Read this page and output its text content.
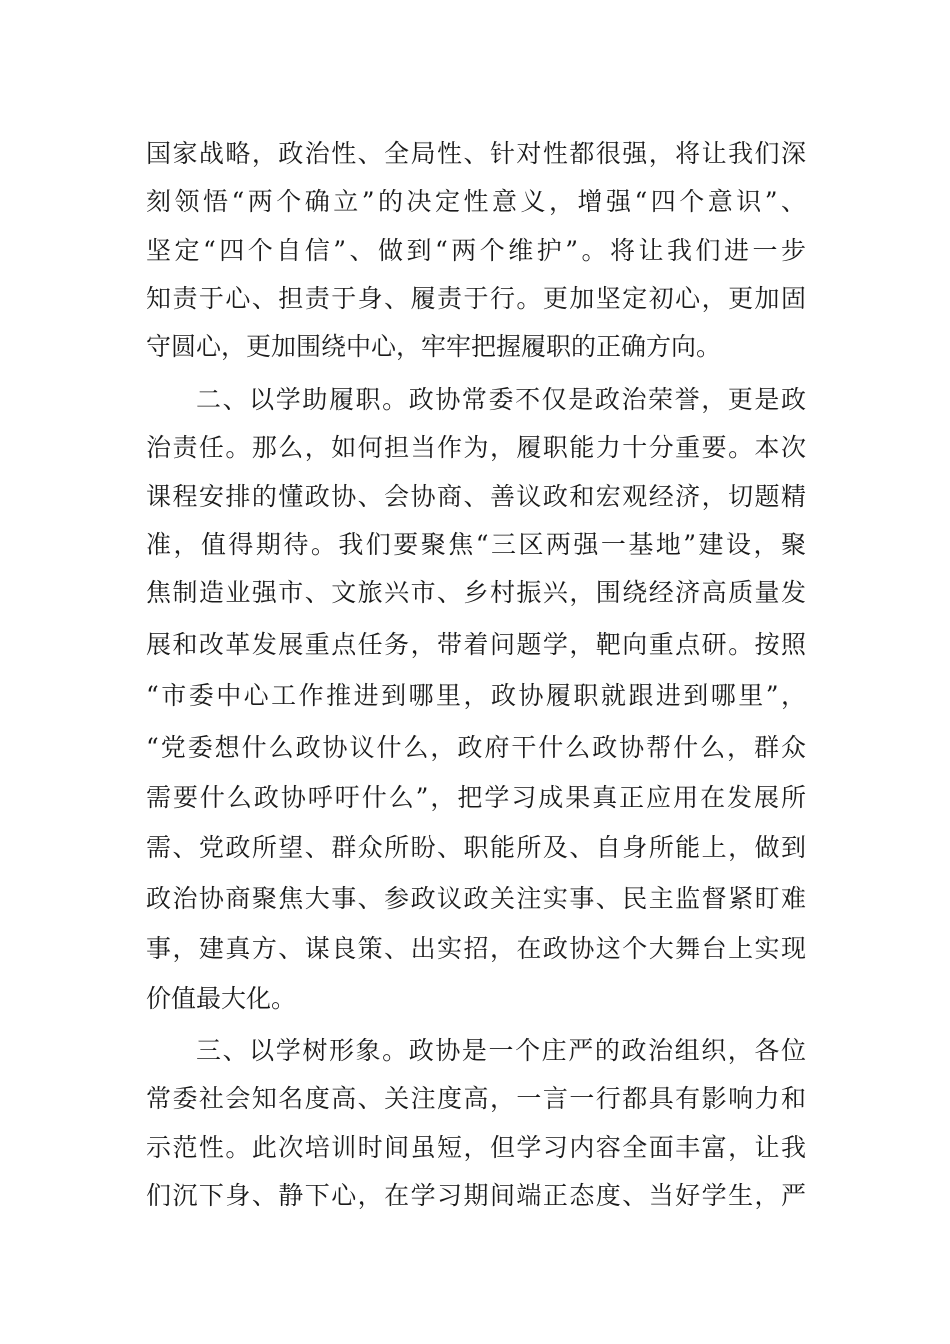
国家战略，政治性、全局性、针对性都很强，将让我们深
刻领悟“两个确立”的决定性意义，增强“四个意识”、
坚定“四个自信”、做到“两个维护”。将让我们进一步
知责于心、担责于身、履责于行。更加坚定初心，更加固
守圆心，更加围绕中心，牢牢把握履职的正确方向。
二、以学助履职。政协常委不仅是政治荣誉，更是政
治责任。那么，如何担当作为，履职能力十分重要。本次
课程安排的懂政协、会协商、善议政和宏观经济，切题精
准，值得期待。我们要聚焦“三区两强一基地”建设，聚
焦制造业强市、文旅兴市、乡村振兴，围绕经济高质量发
展和改革发展重点任务，带着问题学，靶向重点研。按照
“市委中心工作推进到哪里，政协履职就跟进到哪里”，
“党委想什么政协议什么，政府干什么政协帮什么，群众
需要什么政协呼吁什么”，把学习成果真正应用在发展所
需、党政所望、群众所盼、职能所及、自身所能上，做到
政治协商聚焦大事、参政议政关注实事、民主监督紧盯难
事，建真方、谋良策、出实招，在政协这个大舞台上实现
价值最大化。
三、以学树形象。政协是一个庄严的政治组织，各位
常委社会知名度高、关注度高，一言一行都具有影响力和
示范性。此次培训时间虽短，但学习内容全面丰富，让我
们沉下身、静下心，在学习期间端正态度、当好学生，严
